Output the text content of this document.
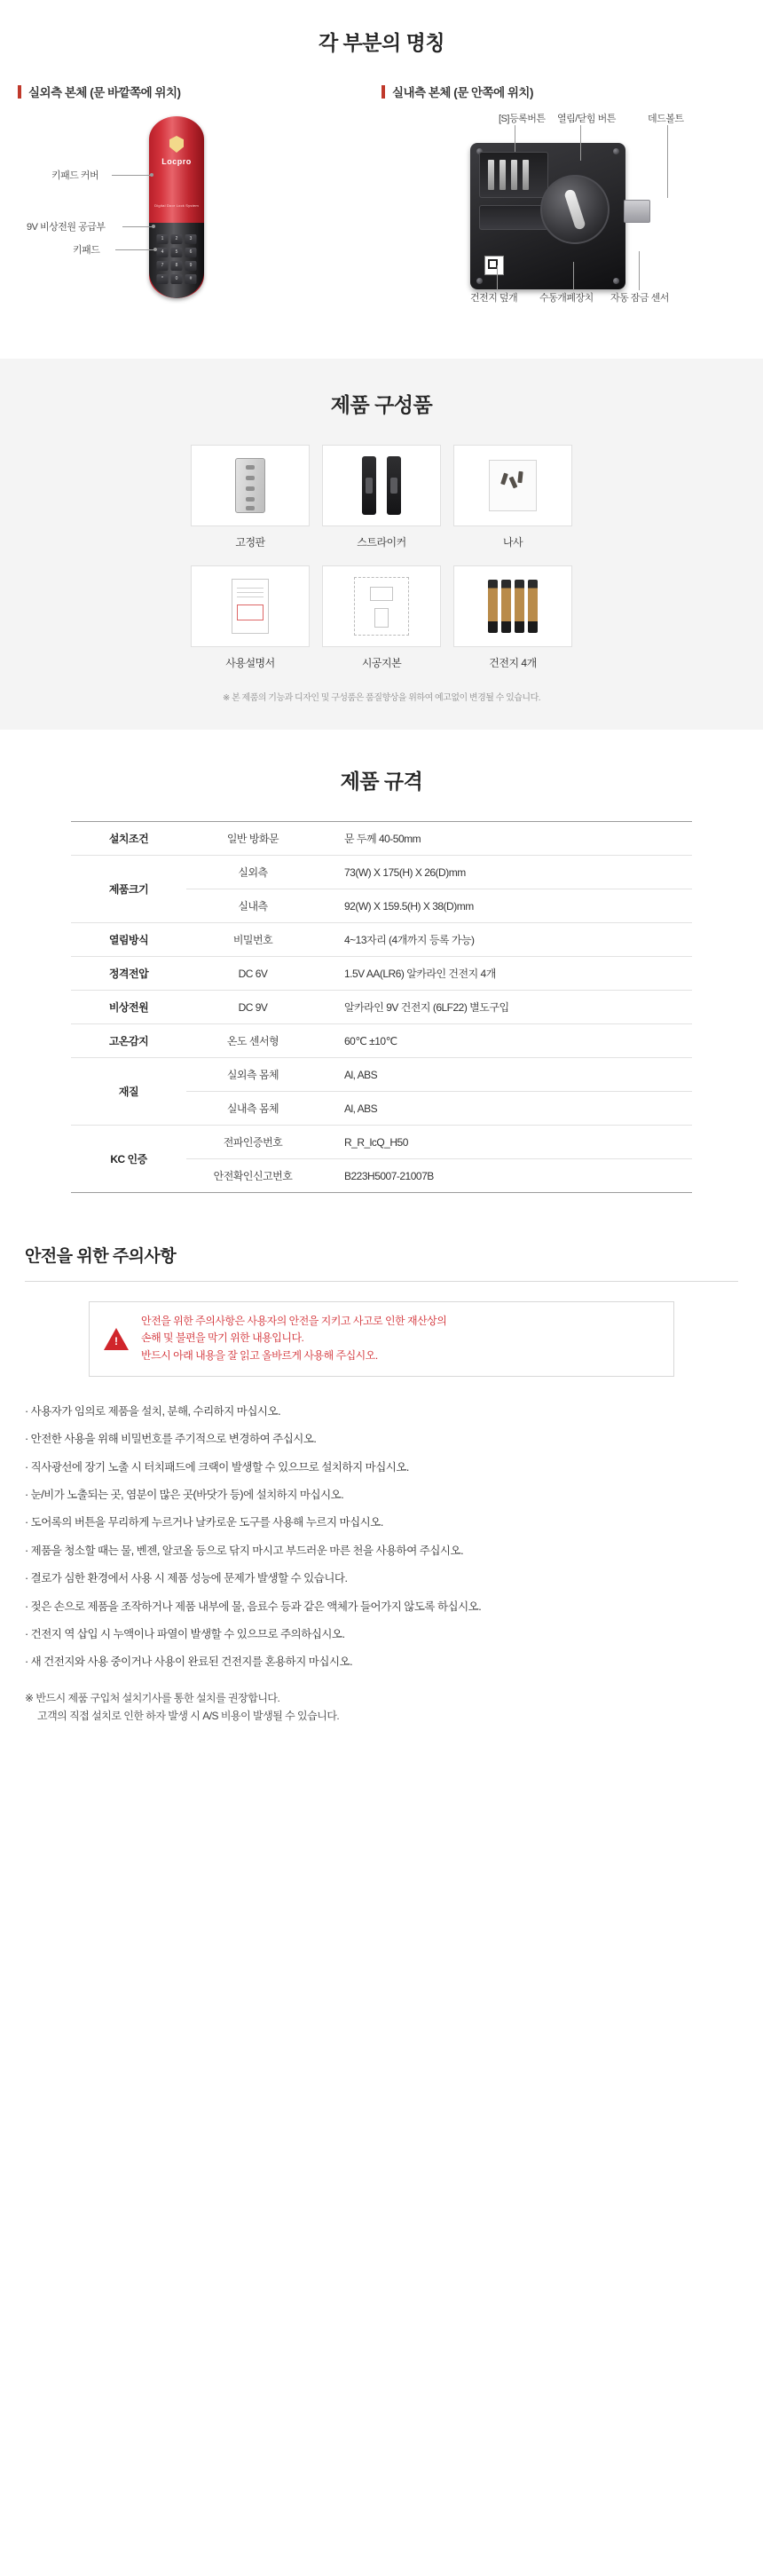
각 부분의 명칭
실외측 본체 (문 바깥쪽에 위치)
Locpro
Digital Door Lock System
1	2	3
4	5	6
7	8	9
*	0	#
키패드 커버
9V 비상전원 공급부
키패드
실내측 본체 (문 안쪽에 위치)
[S]등록버튼 열림/닫힘 버튼	데드볼트
건전지 덮개 수동개폐장치 자동 잠금 센서
제품 구성품
고정판	스트라이커	나사
사용설명서	시공지본	건전지 4개
※ 본 제품의 기능과 디자인 및 구성품은 품질향상을 위하여 예고없이 변경될 수 있습니다.
제품 규격
설치조건	일반 방화문	문 두께 40-50mm
제품크기	실외측	73(W) X 175(H) X 26(D)mm
	실내측	92(W) X 159.5(H) X 38(D)mm
열림방식	비밀번호	4~13자리 (4개까지 등록 가능)
정격전압	DC 6V	1.5V AA(LR6) 알카라인 건전지 4개
비상전원	DC 9V	알카라인 9V 건전지 (6LF22) 별도구입
고온감지	온도 센서형	60℃ ±10℃
재질	실외측 몸체	Al, ABS
	실내측 몸체	Al, ABS
KC 인증	전파인증번호	R_R_lcQ_H50
	안전확인신고번호	B223H5007-21007B
안전을 위한 주의사항
!
안전을 위한 주의사항은 사용자의 안전을 지키고 사고로 인한 재산상의
손해 및 불편을 막기 위한 내용입니다.
반드시 아래 내용을 잘 읽고 올바르게 사용해 주십시오.
· 사용자가 임의로 제품을 설치, 분해, 수리하지 마십시오.
· 안전한 사용을 위해 비밀번호를 주기적으로 변경하여 주십시오.
· 직사광선에 장기 노출 시 터치패드에 크랙이 발생할 수 있으므로 설치하지 마십시오.
· 눈/비가 노출되는 곳, 염분이 많은 곳(바닷가 등)에 설치하지 마십시오.
· 도어록의 버튼을 무리하게 누르거나 날카로운 도구를 사용해 누르지 마십시오.
· 제품을 청소할 때는 물, 벤젠, 알코올 등으로 닦지 마시고 부드러운 마른 천을 사용하여 주십시오.
· 결로가 심한 환경에서 사용 시 제품 성능에 문제가 발생할 수 있습니다.
· 젖은 손으로 제품을 조작하거나 제품 내부에 물, 음료수 등과 같은 액체가 들어가지 않도록 하십시오.
· 건전지 역 삽입 시 누액이나 파열이 발생할 수 있으므로 주의하십시오.
· 새 건전지와 사용 중이거나 사용이 완료된 건전지를 혼용하지 마십시오.
※ 반드시 제품 구입처 설치기사를 통한 설치를 권장합니다.
고객의 직접 설치로 인한 하자 발생 시 A/S 비용이 발생될 수 있습니다.
